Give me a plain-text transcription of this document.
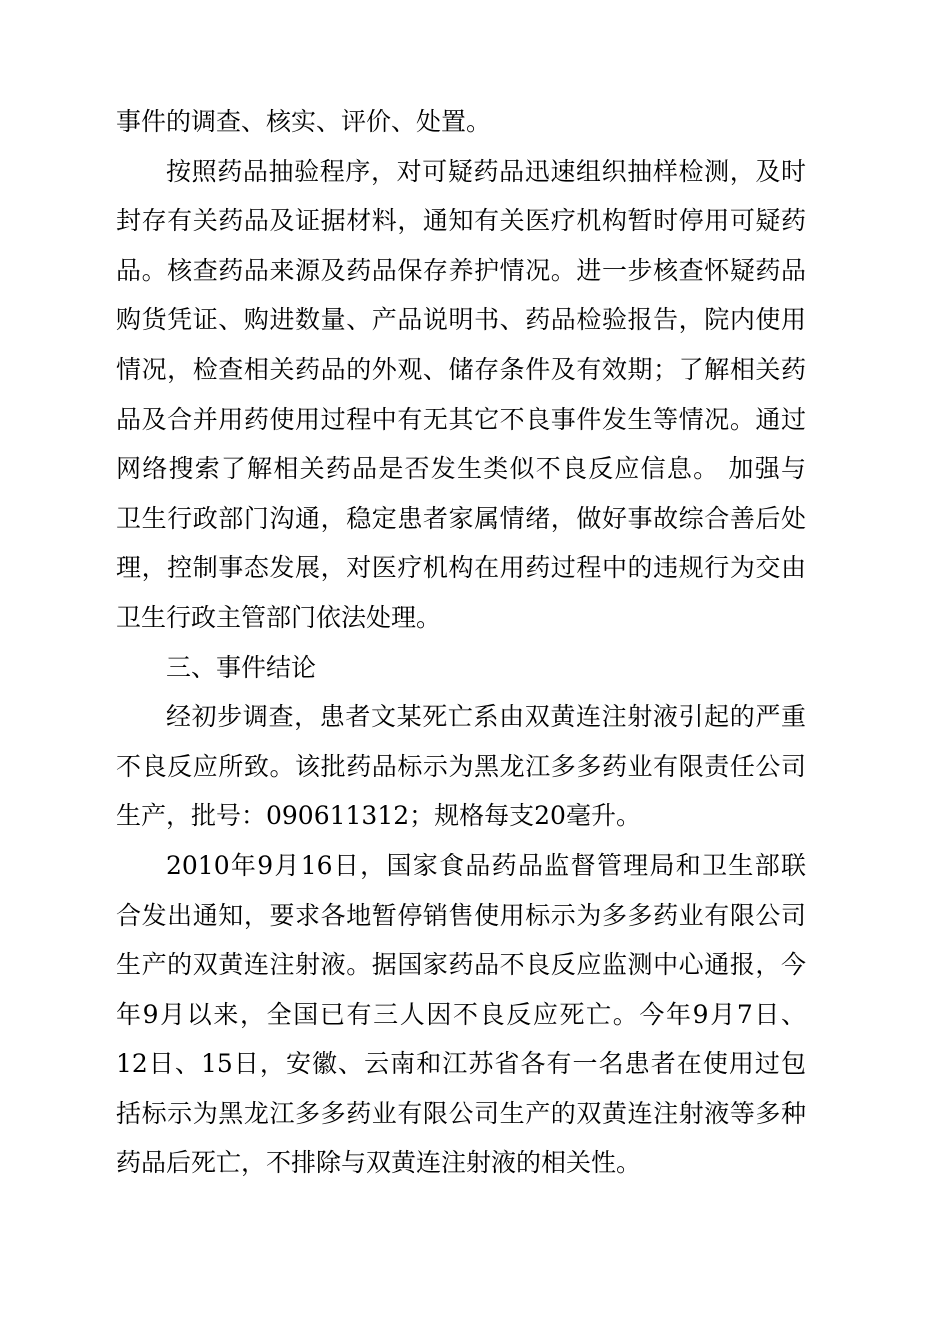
事件的调查、核实、评价、处置。
按照药品抽验程序，对可疑药品迅速组织抽样检测，及时
封存有关药品及证据材料，通知有关医疗机构暂时停用可疑药
品。核查药品来源及药品保存养护情况。进一步核查怀疑药品
购货凭证、购进数量、产品说明书、药品检验报告，院内使用
情况，检查相关药品的外观、储存条件及有效期；了解相关药
品及合并用药使用过程中有无其它不良事件发生等情况。通过
网络搜索了解相关药品是否发生类似不良反应信息。 加强与
卫生行政部门沟通，稳定患者家属情绪，做好事故综合善后处
理，控制事态发展，对医疗机构在用药过程中的违规行为交由
卫生行政主管部门依法处理。
三、事件结论
经初步调查，患者文某死亡系由双黄连注射液引起的严重
不良反应所致。该批药品标示为黑龙江多多药业有限责任公司
生产，批号：090611312；规格每支20毫升。
2010年9月16日，国家食品药品监督管理局和卫生部联
合发出通知，要求各地暂停销售使用标示为多多药业有限公司
生产的双黄连注射液。据国家药品不良反应监测中心通报，今
年9月以来，全国已有三人因不良反应死亡。今年9月7日、
12日、15日，安徽、云南和江苏省各有一名患者在使用过包
括标示为黑龙江多多药业有限公司生产的双黄连注射液等多种
药品后死亡，不排除与双黄连注射液的相关性。
